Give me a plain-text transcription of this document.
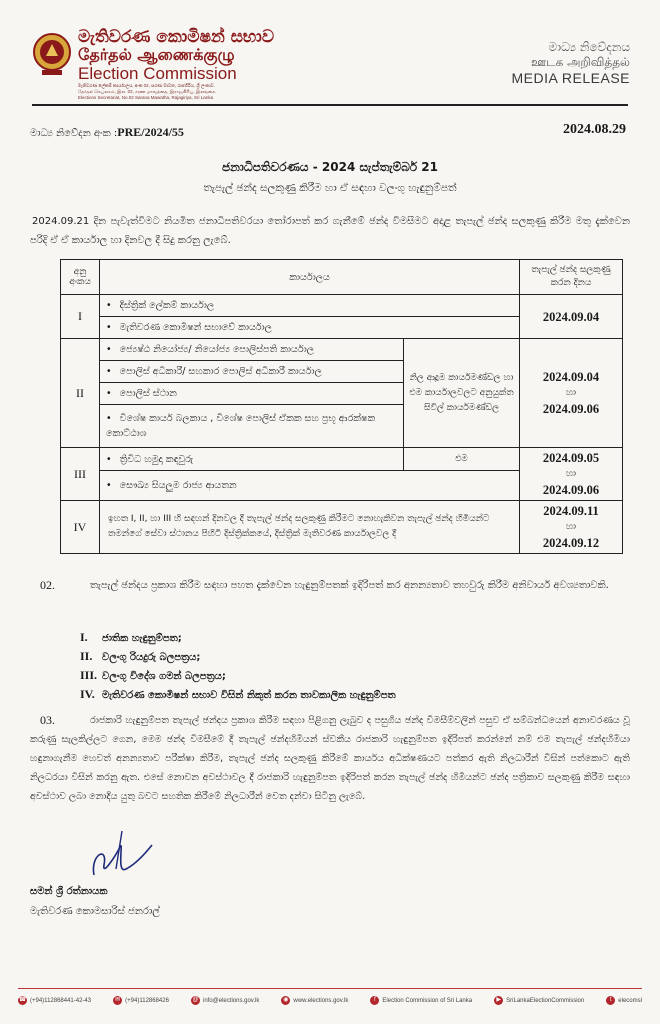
මැතිවරණ කොමිෂන් සභාව
தேர்தல் ஆணைக்குழு
Election Commission
මැතිවරණ ලේකම් කාර්යාලය, අංක 02, සරණ මාවත, රාජගිරිය, ශ්‍රී ලංකාව.
தேர்தல் செயலகம், இல. 02, சரண மாவத்தை, இராஜகிரிய, இலங்கை.
Elections Secretariat, No.02 Sarana Mawatha, Rajagiriya, Sri Lanka
මාධ්‍ය නිවේදනය
ஊடக அறிவித்தல்
MEDIA RELEASE
මාධ්‍ය නිවේදන අංක :PRE/2024/55	2024.08.29
ජනාධිපතිවරණය - 2024 සැප්තැම්බර් 21
තැපැල් ඡන්ද සලකුණු කිරීම හා ඒ සඳහා වලංගු හැඳුනුම්පත්
2024.09.21 දින පැවැත්වීමට නියමිත ජනාධිපතිවරයා තෝරාපත් කර ගැනීමේ ඡන්ද විමසීමට අදාළ තැපැල් ඡන්ද සලකුණු කිරීම මතු දැක්වෙන පරිදි ඒ ඒ කාර්යාල හා දිනවල දී සිදු කරනු ලැබේ.
අනු අංකය	කාර්යාලය		තැපැල් ඡන්ද සලකුණු කරන දිනය
I	• දිස්ත්‍රික් ලේකම් කාර්යාල		2024.09.04
	• මැතිවරණ කොමිෂන් සභාවේ කාර්යාල
II	• ජ්‍යෙෂ්ඨ නියෝජ්‍ය/ නියෝජ්‍ය පොලිස්පති කාර්යාල	නිල ආදූම කාර්යමණ්ඩල හා එම කාර්යාලවලට අනුයුක්ත සිවිල් කාර්යමණ්ඩල	2024.09.04
හා
2024.09.06

	• පොලිස් අධිකාරී/ සහකාර පොලිස් අධිකාරී කාර්යාල
	• පොලිස් ස්ථාන
	• විශේෂ කාර්ය බලකාය , විශේෂ පොලිස් ඒකක සහ ප්‍රභූ ආරක්ෂක කොට්ඨාශ
III	• ත්‍රිවිධ හමුදා කඳවුරු	එම	2024.09.05
හා
2024.09.06

	• සෞඛ්‍ය සියලුම රාජ්‍ය ආයතන
IV	ඉහත I, II, හා III හි සඳහන් දිනවල දී තැපැල් ඡන්ද සලකුණු කිරීමට නොහැකිවන තැපැල් ඡන්ද හිමියන්ට තමන්ගේ සේවා ස්ථානය පිහිටි දිස්ත්‍රික්කයේ, දිස්ත්‍රික් මැතිවරණ කාර්යාලවල දී		2024.09.11
හා
2024.09.12
02.	තැපැල් ඡන්දය ප්‍රකාශ කිරීම සඳහා පහත දැක්වෙන හැඳුනුම්පතක් ඉදිරිපත් කර අනන්‍යතාව තහවුරු කිරීම අනිවාර්ය අවශ්‍යතාවකි.
I. ජාතික හැඳුනුම්පත;
II. වලංගු රියදුරු බලපත්‍රය;
III. වලංගු විදේශ ගමන් බලපත්‍රය;
IV. මැතිවරණ කොමිෂන් සභාව විසින් නිකුත් කරන තාවකාලික හැඳුනුම්පත
03.	රාජකාරි හැඳුනුම්පත තැපැල් ඡන්දය ප්‍රකාශ කිරීම සඳහා පිළිගනු ලැබුව ද පසුගිය ඡන්ද විමසීම්වලින් පසුව ඒ සම්බන්ධයෙන් අනාවරණය වූ කරුණු සැලකිල්ලට ගෙන, මෙම ඡන්ද විමසීමේ දී තැපැල් ඡන්දහිමියන් ස්වකීය රාජකාරි හැඳුනුම්පත ඉදිරිපත් කරන්නේ නම් එම තැපැල් ඡන්දහිමියා හඳුනාගැනීම හෙවත් අනන්‍යතාව පරීක්ෂා කිරීම, තැපැල් ඡන්ද සලකුණු කිරීමේ කාර්යය අධීක්ෂණයට පත්කර ඇති නිලධාරීන් විසින් පත්කොට ඇති නිලධරයා විසින් කරනු ඇත. එසේ නොවන අවස්ථාවල දී රාජකාරි හැඳුනුම්පත ඉදිරිපත් කරන තැපැල් ඡන්ද හිමියන්ට ඡන්ද පත්‍රිකාව සලකුණු කිරීම සඳහා අවස්ථාව ලබා නොදිය යුතු බවට සහතික කිරීමේ නිලධාරීන් වෙත දන්වා සිටිනු ලැබේ.
සමන් ශ්‍රී රත්නායක
මැතිවරණ කොමසාරිස් ජනරාල්
☎ (+94)112868441-42-43	✉ (+94)112868426	@ info@elections.gov.lk	◉ www.elections.gov.lk	f	Election Commission of Sri Lanka	▶ SriLankaElectionCommission	t	elecomsl
